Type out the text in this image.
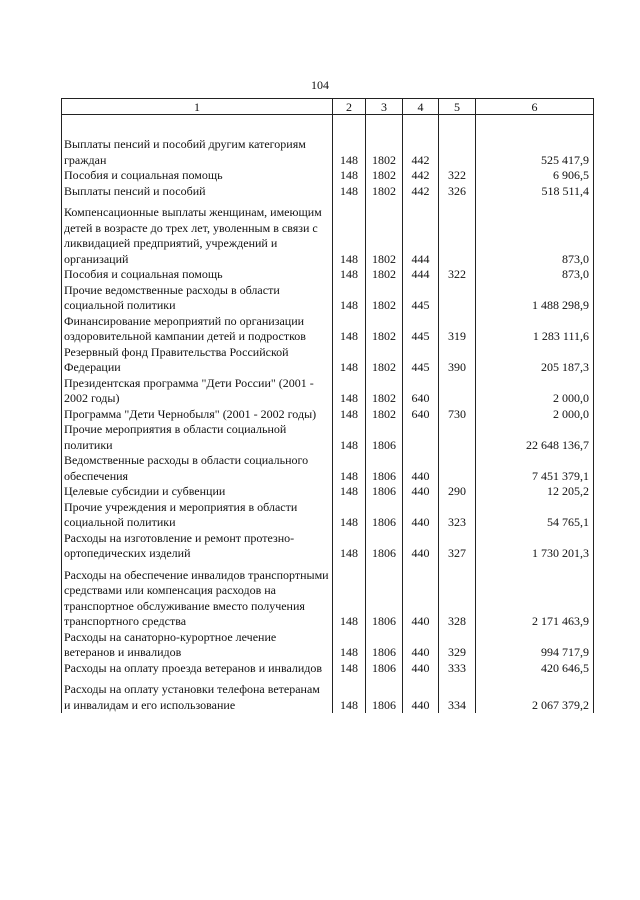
104
1	2	3	4	5	6

Выплаты пенсий и пособий другим категориям граждан	148	1802	442		525 417,9
Пособия и социальная помощь	148	1802	442	322	6 906,5
Выплаты пенсий и пособий	148	1802	442	326	518 511,4

Компенсационные выплаты женщинам, имеющим детей в возрасте до трех лет, уволенным в связи с ликвидацией предприятий, учреждений и организаций	148	1802	444		873,0
Пособия и социальная помощь	148	1802	444	322	873,0
Прочие ведомственные расходы в области социальной политики	148	1802	445		1 488 298,9
Финансирование мероприятий по организации оздоровительной кампании детей и подростков	148	1802	445	319	1 283 111,6
Резервный фонд Правительства Российской Федерации	148	1802	445	390	205 187,3
Президентская программа "Дети России" (2001 - 2002 годы)	148	1802	640		2 000,0
Программа "Дети Чернобыля" (2001 - 2002 годы)	148	1802	640	730	2 000,0
Прочие мероприятия в области социальной политики	148	1806			22 648 136,7
Ведомственные расходы в области социального обеспечения	148	1806	440		7 451 379,1
Целевые субсидии и субвенции	148	1806	440	290	12 205,2
Прочие учреждения и мероприятия в области социальной политики	148	1806	440	323	54 765,1
Расходы на изготовление и ремонт протезно-ортопедических изделий	148	1806	440	327	1 730 201,3

Расходы на обеспечение инвалидов транспортными средствами или компенсация расходов на транспортное обслуживание вместо получения транспортного средства	148	1806	440	328	2 171 463,9
Расходы на санаторно-курортное лечение ветеранов и инвалидов	148	1806	440	329	994 717,9
Расходы на оплату проезда ветеранов и инвалидов	148	1806	440	333	420 646,5

Расходы на оплату установки телефона ветеранам и инвалидам и его использование	148	1806	440	334	2 067 379,2
